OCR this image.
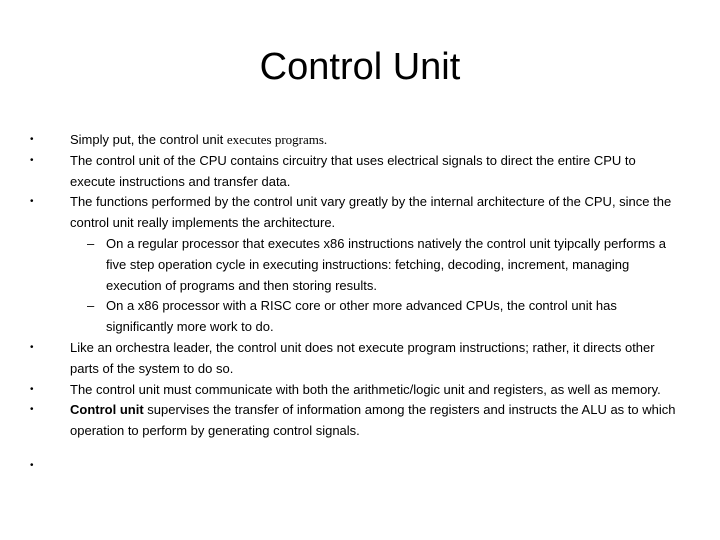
Control Unit
•	Simply put, the control unit executes programs.
•	The control unit of the CPU contains circuitry that uses electrical signals to direct the entire CPU to execute instructions and transfer data.
•	The functions performed by the control unit vary greatly by the internal architecture of the CPU, since the control unit really implements the architecture.
– On a regular processor that executes x86 instructions natively the control unit tyipcally performs a five step operation cycle in executing instructions: fetching, decoding, increment, managing execution of programs and then storing results.
– On a x86 processor with a RISC core or other more advanced CPUs, the control unit has significantly more work to do.
•	Like an orchestra leader, the control unit does not execute program instructions; rather, it directs other parts of the system to do so.
•	The control unit must communicate with both the arithmetic/logic unit and registers, as well as memory.
•	Control unit supervises the transfer of information among the registers and instructs the ALU as to which operation to perform by generating control signals.
•
